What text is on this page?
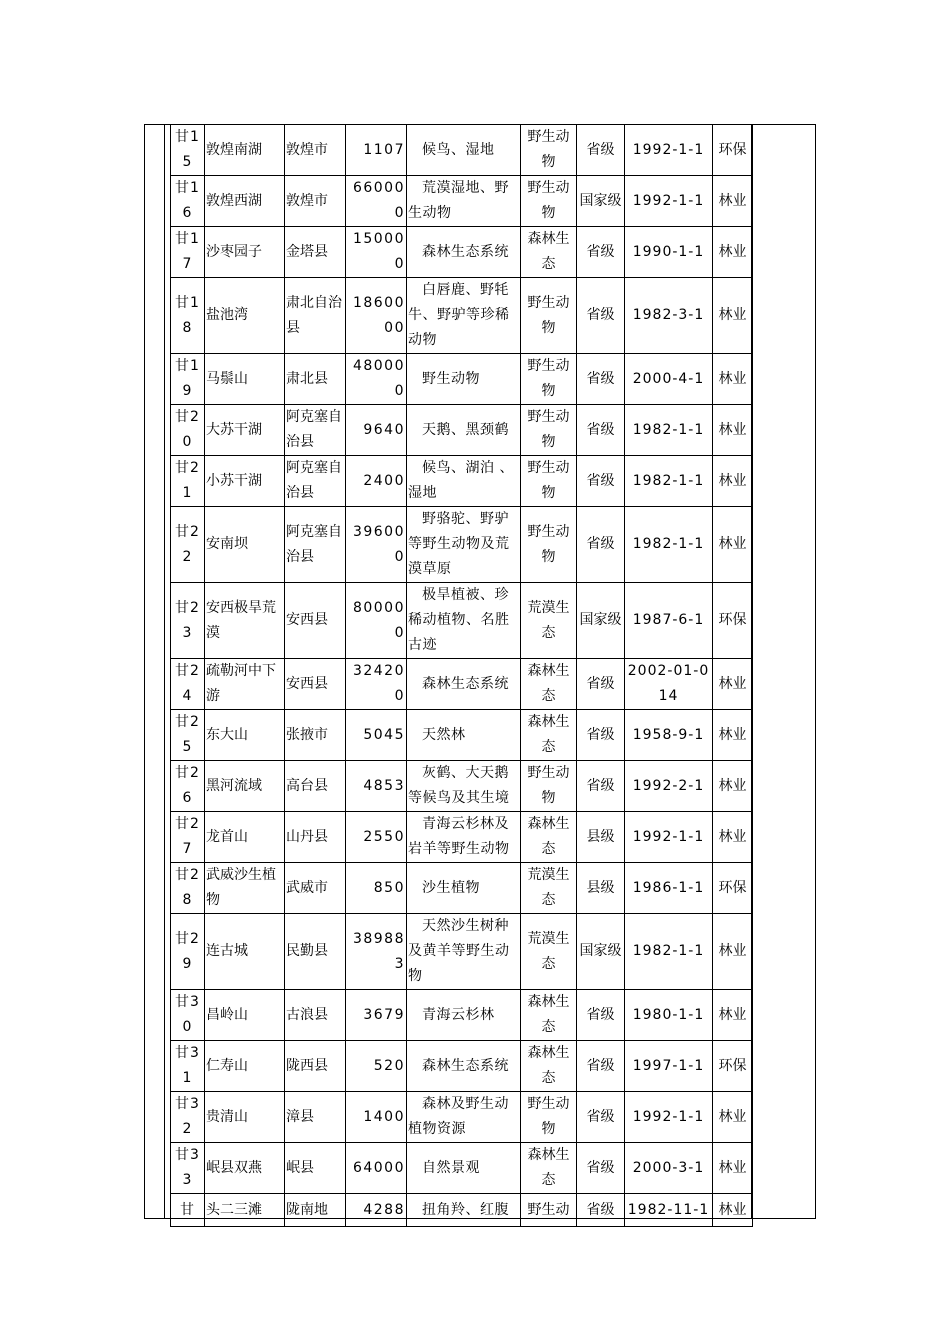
甘15	敦煌南湖	敦煌市	1107	候鸟、湿地	野生动物	省级	1992-1-1	环保
甘16	敦煌西湖	敦煌市	660000	荒漠湿地、野生动物	野生动物	国家级	1992-1-1	林业
甘17	沙枣园子	金塔县	150000	森林生态系统	森林生态	省级	1990-1-1	林业
甘18	盐池湾	肃北自治县	1860000	白唇鹿、野牦牛、野驴等珍稀动物	野生动物	省级	1982-3-1	林业
甘19	马鬃山	肃北县	480000	野生动物	野生动物	省级	2000-4-1	林业
甘20	大苏干湖	阿克塞自治县	9640	天鹅、黑颈鹤	野生动物	省级	1982-1-1	林业
甘21	小苏干湖	阿克塞自治县	2400	候鸟、湖泊 、湿地	野生动物	省级	1982-1-1	林业
甘22	安南坝	阿克塞自治县	396000	野骆驼、野驴等野生动物及荒漠草原	野生动物	省级	1982-1-1	林业
甘23	安西极旱荒漠	安西县	800000	极旱植被、珍稀动植物、名胜古迹	荒漠生态	国家级	1987-6-1	环保
甘24	疏勒河中下游	安西县	324200	森林生态系统	森林生态	省级	2002-01-014	林业
甘25	东大山	张掖市	5045	天然林	森林生态	省级	1958-9-1	林业
甘26	黑河流域	高台县	4853	灰鹤、大天鹅等候鸟及其生境	野生动物	省级	1992-2-1	林业
甘27	龙首山	山丹县	2550	青海云杉林及岩羊等野生动物	森林生态	县级	1992-1-1	林业
甘28	武威沙生植物	武威市	850	沙生植物	荒漠生态	县级	1986-1-1	环保
甘29	连古城	民勤县	389883	天然沙生树种及黄羊等野生动物	荒漠生态	国家级	1982-1-1	林业
甘30	昌岭山	古浪县	3679	青海云杉林	森林生态	省级	1980-1-1	林业
甘31	仁寿山	陇西县	520	森林生态系统	森林生态	省级	1997-1-1	环保
甘32	贵清山	漳县	1400	森林及野生动植物资源	野生动物	省级	1992-1-1	林业
甘33	岷县双燕	岷县	64000	自然景观	森林生态	省级	2000-3-1	林业
甘	头二三滩	陇南地	4288	扭角羚、红腹	野生动	省级	1982-11-1	林业
